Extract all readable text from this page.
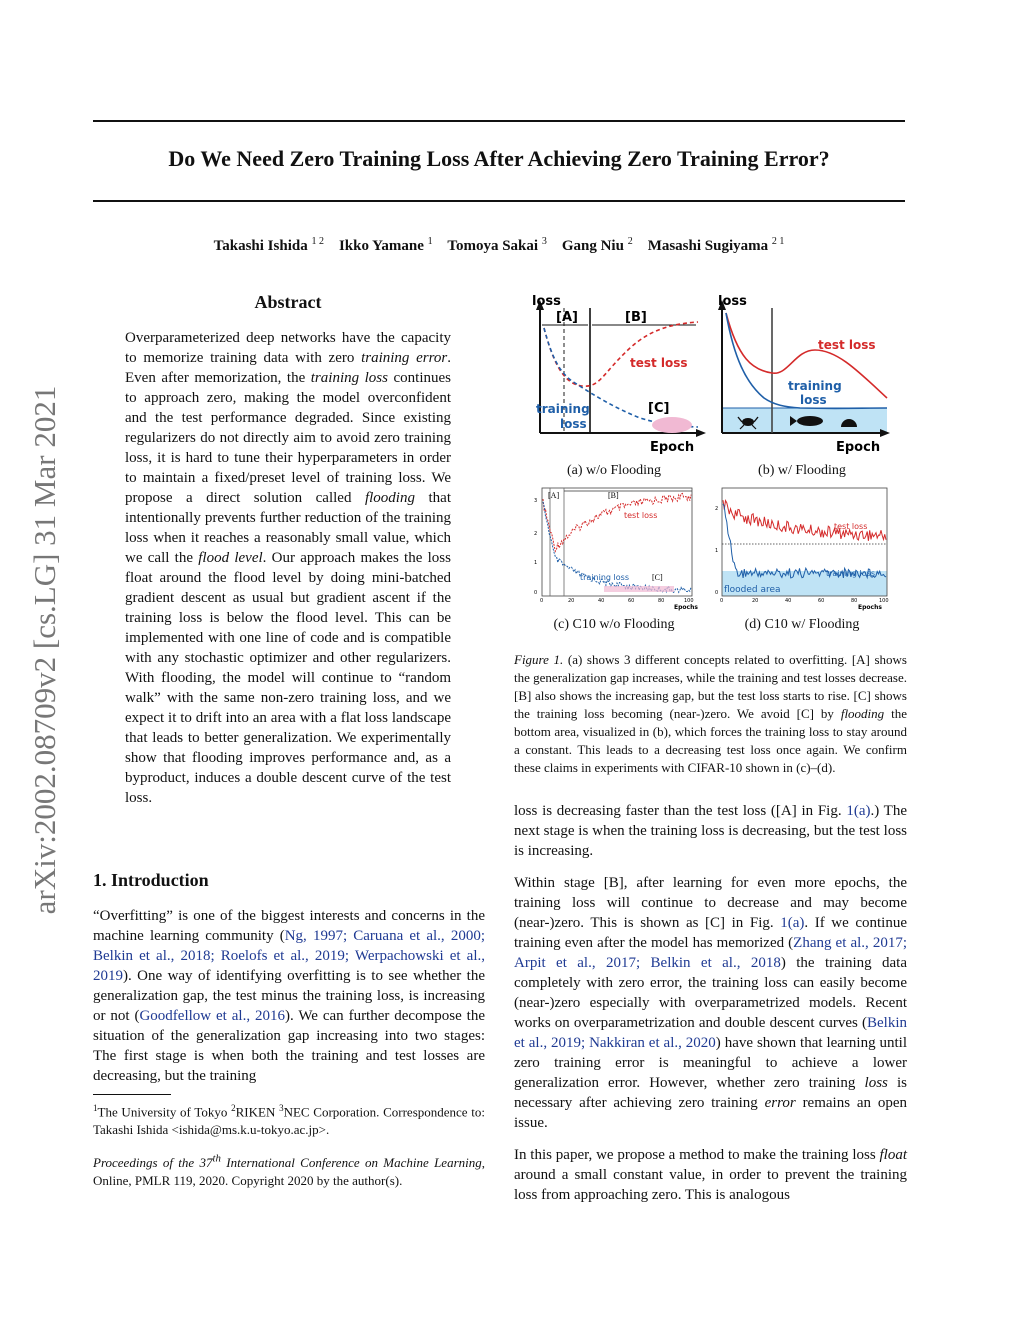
Do We Need Zero Training Loss After Achieving Zero Training Error?
Takashi Ishida $^{1 2}$ Ikko Yamane $^1$ Tomoya Sakai $^3$ Gang Niu $^2$ Masashi Sugiyama $^{2 1}$
arXiv:2002.08709v2 [cs.LG] 31 Mar 2021
Abstract
Overparameterized deep networks have the capacity to memorize training data with zero training error. Even after memorization, the training loss continues to approach zero, making the model overconfident and the test performance degraded. Since existing regularizers do not directly aim to avoid zero training loss, it is hard to tune their hyperparameters in order to maintain a fixed/preset level of training loss. We propose a direct solution called flooding that intentionally prevents further reduction of the training loss when it reaches a reasonably small value, which we call the flood level. Our approach makes the loss float around the flood level by doing mini-batched gradient descent as usual but gradient ascent if the training loss is below the flood level. This can be implemented with one line of code and is compatible with any stochastic optimizer and other regularizers. With flooding, the model will continue to “random walk” with the same non-zero training loss, and we expect it to drift into an area with a flat loss landscape that leads to better generalization. We experimentally show that flooding improves performance and, as a byproduct, induces a double descent curve of the test loss.
1. Introduction

“Overfitting” is one of the biggest interests and concerns in the machine learning community (Ng, 1997; Caruana et al., 2000; Belkin et al., 2018; Roelofs et al., 2019; Werpachowski et al., 2019). One way of identifying overfitting is to see whether the generalization gap, the test minus the training loss, is increasing or not (Goodfellow et al., 2016). We can further decompose the situation of the generalization gap increasing into two stages: The first stage is when both the training and test losses are decreasing, but the training

$^1$The University of Tokyo $^2$RIKEN $^3$NEC Corporation. Correspondence to: Takashi Ishida <ishida@ms.k.u-tokyo.ac.jp>.
Proceedings of the 37th International Conference on Machine Learning, Online, PMLR 119, 2020. Copyright 2020 by the author(s).
loss
Epoch
[A]	[B]
test loss
training
loss
[C]
loss
Epoch
test loss
training
loss
[A]	[B]
[C]
test loss
training loss
3
2
1
0
0	20	40	60	80	100
Epochs
test loss
training loss
flooded area
2
1
0
0	20	40	60	80	100
Epochs
(a) w/o Flooding	(b) w/ Flooding
(c) C10 w/o Flooding	(d) C10 w/ Flooding
Figure 1. (a) shows 3 different concepts related to overfitting. [A] shows the generalization gap increases, while the training and test losses decrease. [B] also shows the increasing gap, but the test loss starts to rise. [C] shows the training loss becoming (near-)zero. We avoid [C] by flooding the bottom area, visualized in (b), which forces the training loss to stay around a constant. This leads to a decreasing test loss once again. We confirm these claims in experiments with CIFAR-10 shown in (c)–(d).

loss is decreasing faster than the test loss ([A] in Fig. 1(a).) The next stage is when the training loss is decreasing, but the test loss is increasing.

Within stage [B], after learning for even more epochs, the training loss will continue to decrease and may become (near-)zero. This is shown as [C] in Fig. 1(a). If we continue training even after the model has memorized (Zhang et al., 2017; Arpit et al., 2017; Belkin et al., 2018) the training data completely with zero error, the training loss can easily become (near-)zero especially with overparametrized models. Recent works on overparametrization and double descent curves (Belkin et al., 2019; Nakkiran et al., 2020) have shown that learning until zero training error is meaningful to achieve a lower generalization error. However, whether zero training loss is necessary after achieving zero training error remains an open issue.

In this paper, we propose a method to make the training loss float around a small constant value, in order to prevent the training loss from approaching zero. This is analogous
